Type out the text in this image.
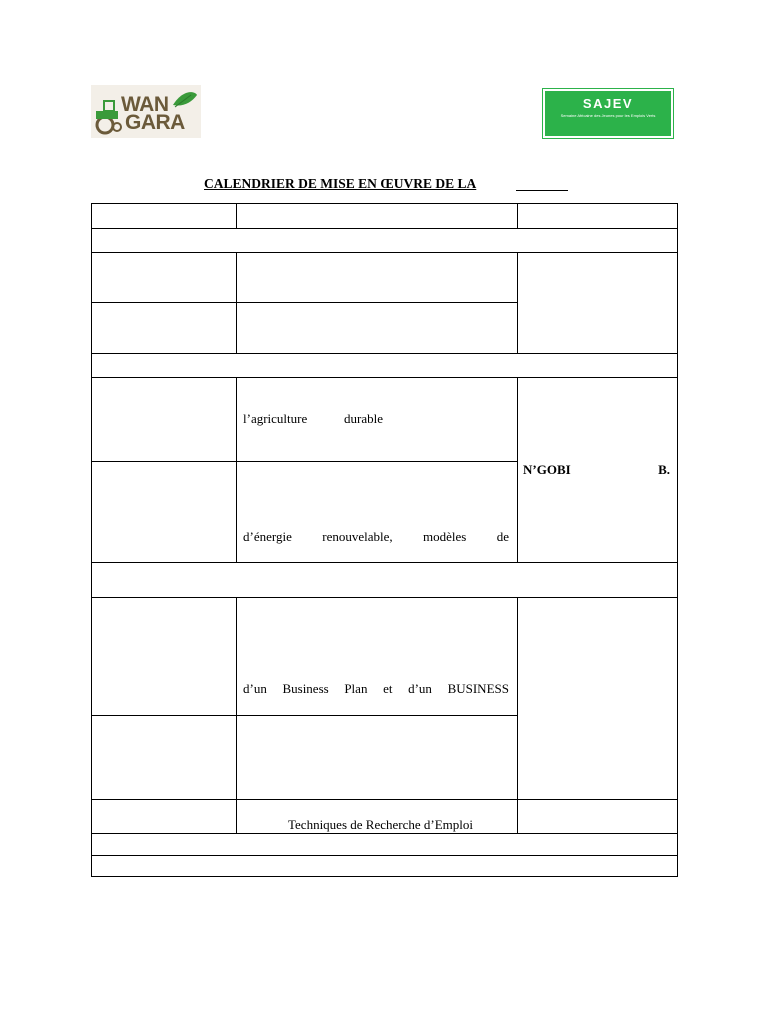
WAN
GARA
SAJEV
Semaine Africaine des Jeunes pour les Emplois Verts
CALENDRIER DE MISE EN ŒUVRE DE LA
l’agriculture	durable
d’énergie renouvelable, modèles de
N’GOBI	B.
d’un Business Plan et d’un BUSINESS
Techniques de Recherche d’Emploi
